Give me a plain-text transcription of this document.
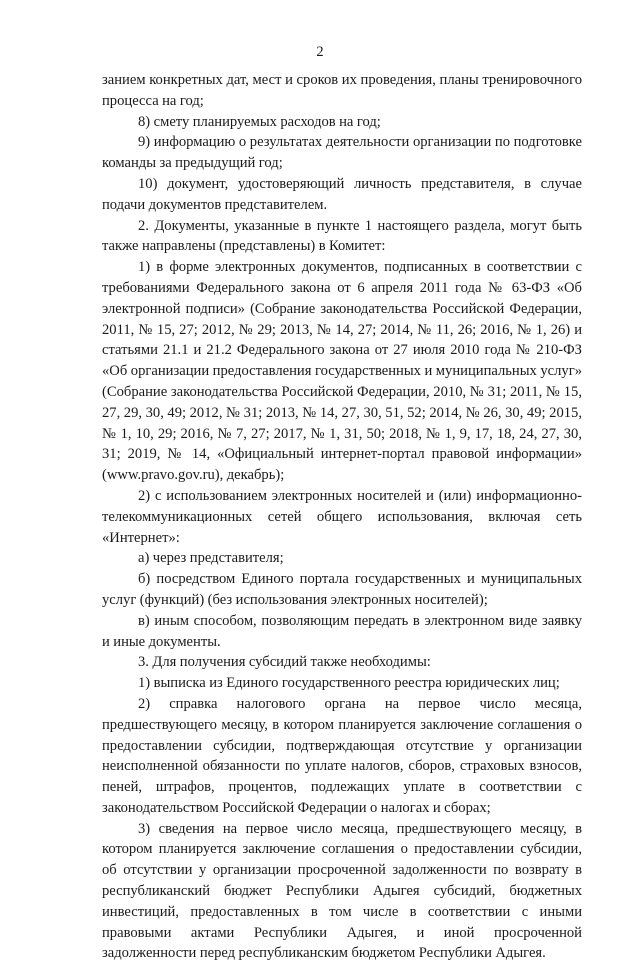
2

занием конкретных дат, мест и сроков их проведения, планы тренировочного процесса на год;

8) смету планируемых расходов на год;

9) информацию о результатах деятельности организации по подготовке команды за предыдущий год;

10) документ, удостоверяющий личность представителя, в случае подачи документов представителем.

2. Документы, указанные в пункте 1 настоящего раздела, могут быть также направлены (представлены) в Комитет:

1) в форме электронных документов, подписанных в соответствии с требованиями Федерального закона от 6 апреля 2011 года № 63-ФЗ «Об электронной подписи» (Собрание законодательства Российской Федерации, 2011, № 15, 27; 2012, № 29; 2013, № 14, 27; 2014, № 11, 26; 2016, № 1, 26) и статьями 21.1 и 21.2 Федерального закона от 27 июля 2010 года № 210-ФЗ «Об организации предоставления государственных и муниципальных услуг» (Собрание законодательства Российской Федерации, 2010, № 31; 2011, № 15, 27, 29, 30, 49; 2012, № 31; 2013, № 14, 27, 30, 51, 52; 2014, № 26, 30, 49; 2015, № 1, 10, 29; 2016, № 7, 27; 2017, № 1, 31, 50; 2018, № 1, 9, 17, 18, 24, 27, 30, 31; 2019, № 14, «Официальный интернет-портал правовой информации» (www.pravo.gov.ru), декабрь);

2) с использованием электронных носителей и (или) информационно-телекоммуникационных сетей общего использования, включая сеть «Интернет»:

а) через представителя;

б) посредством Единого портала государственных и муниципальных услуг (функций) (без использования электронных носителей);

в) иным способом, позволяющим передать в электронном виде заявку и иные документы.

3. Для получения субсидий также необходимы:

1) выписка из Единого государственного реестра юридических лиц;

2) справка налогового органа на первое число месяца, предшествующего месяцу, в котором планируется заключение соглашения о предоставлении субсидии, подтверждающая отсутствие у организации неисполненной обязанности по уплате налогов, сборов, страховых взносов, пеней, штрафов, процентов, подлежащих уплате в соответствии с законодательством Российской Федерации о налогах и сборах;

3) сведения на первое число месяца, предшествующего месяцу, в котором планируется заключение соглашения о предоставлении субсидии, об отсутствии у организации просроченной задолженности по возврату в республиканский бюджет Республики Адыгея субсидий, бюджетных инвестиций, предоставленных в том числе в соответствии с иными правовыми актами Республики Адыгея, и иной просроченной задолженности перед республиканским бюджетом Республики Адыгея.
